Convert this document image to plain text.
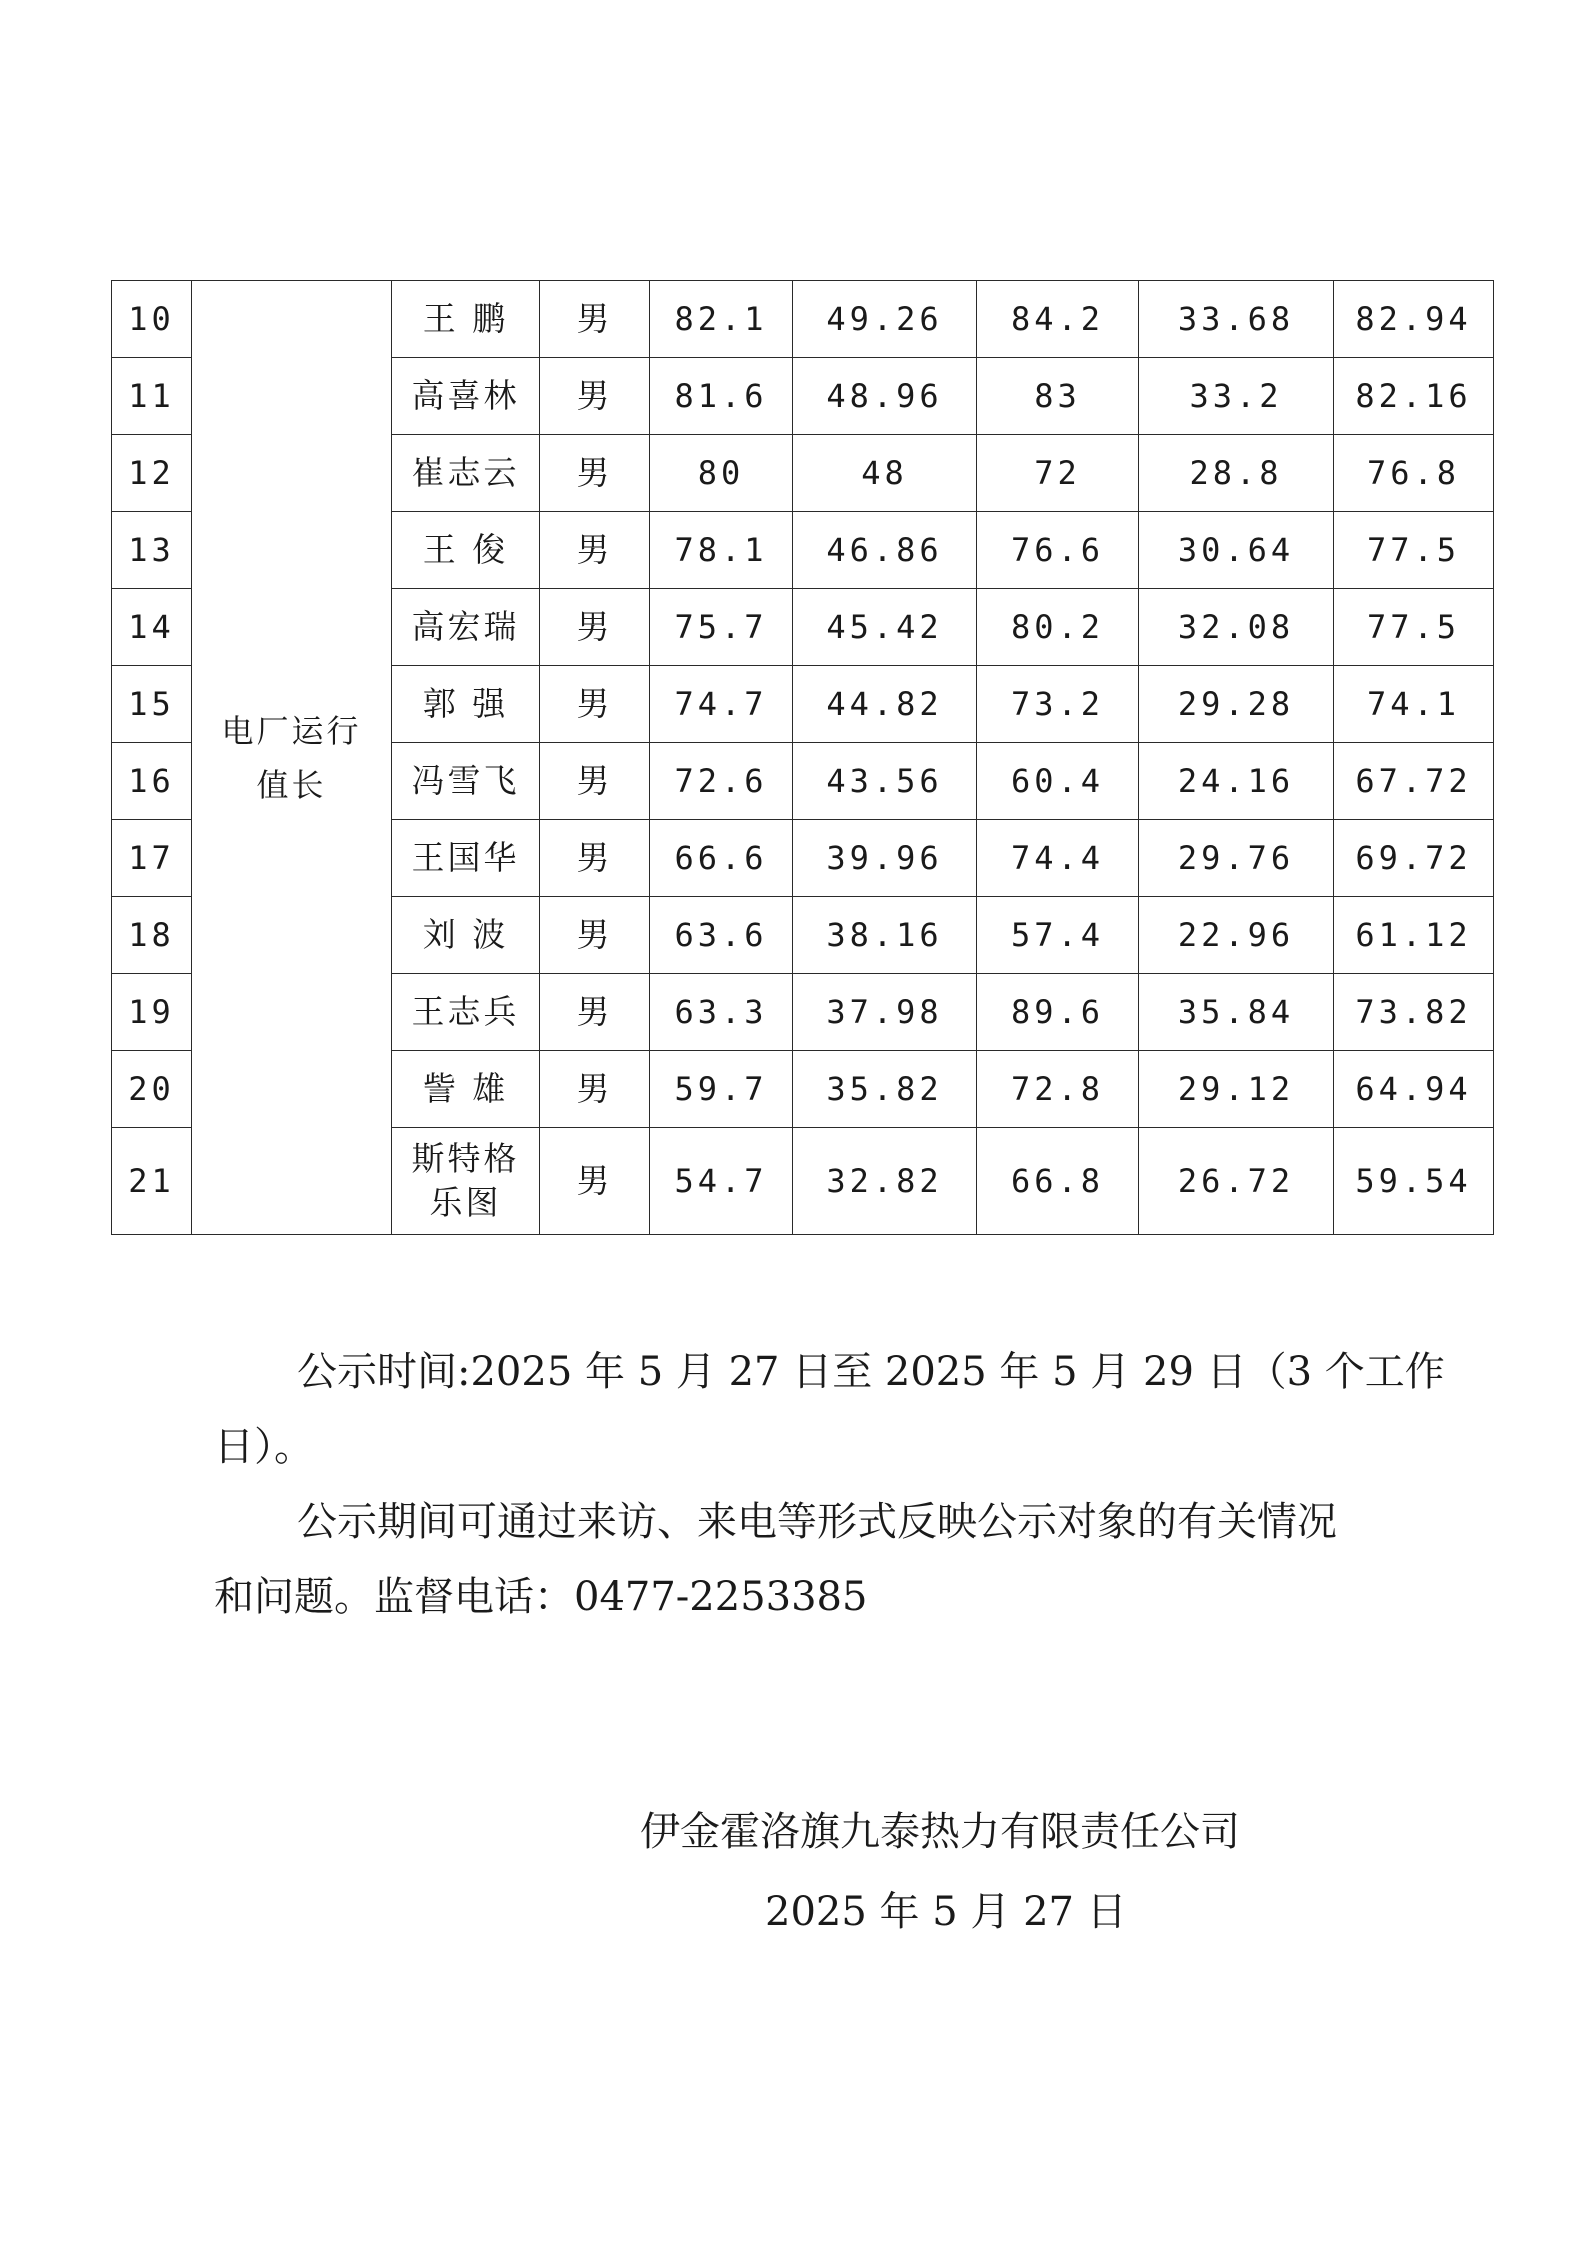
10	电厂运行值长	王 鹏	男	82.1	49.26	84.2	33.68	82.94
11		高喜林	男	81.6	48.96	83	33.2	82.16
12		崔志云	男	80	48	72	28.8	76.8
13		王 俊	男	78.1	46.86	76.6	30.64	77.5
14		高宏瑞	男	75.7	45.42	80.2	32.08	77.5
15		郭 强	男	74.7	44.82	73.2	29.28	74.1
16		冯雪飞	男	72.6	43.56	60.4	24.16	67.72
17		王国华	男	66.6	39.96	74.4	29.76	69.72
18		刘 波	男	63.6	38.16	57.4	22.96	61.12
19		王志兵	男	63.3	37.98	89.6	35.84	73.82
20		訾 雄	男	59.7	35.82	72.8	29.12	64.94
21		斯特格乐图	男	54.7	32.82	66.8	26.72	59.54

公示时间:2025 年 5 月 27 日至 2025 年 5 月 29 日（3 个工作

日）。

公示期间可通过来访、来电等形式反映公示对象的有关情况

和问题。监督电话：0477-2253385

伊金霍洛旗九泰热力有限责任公司

2025 年 5 月 27 日
